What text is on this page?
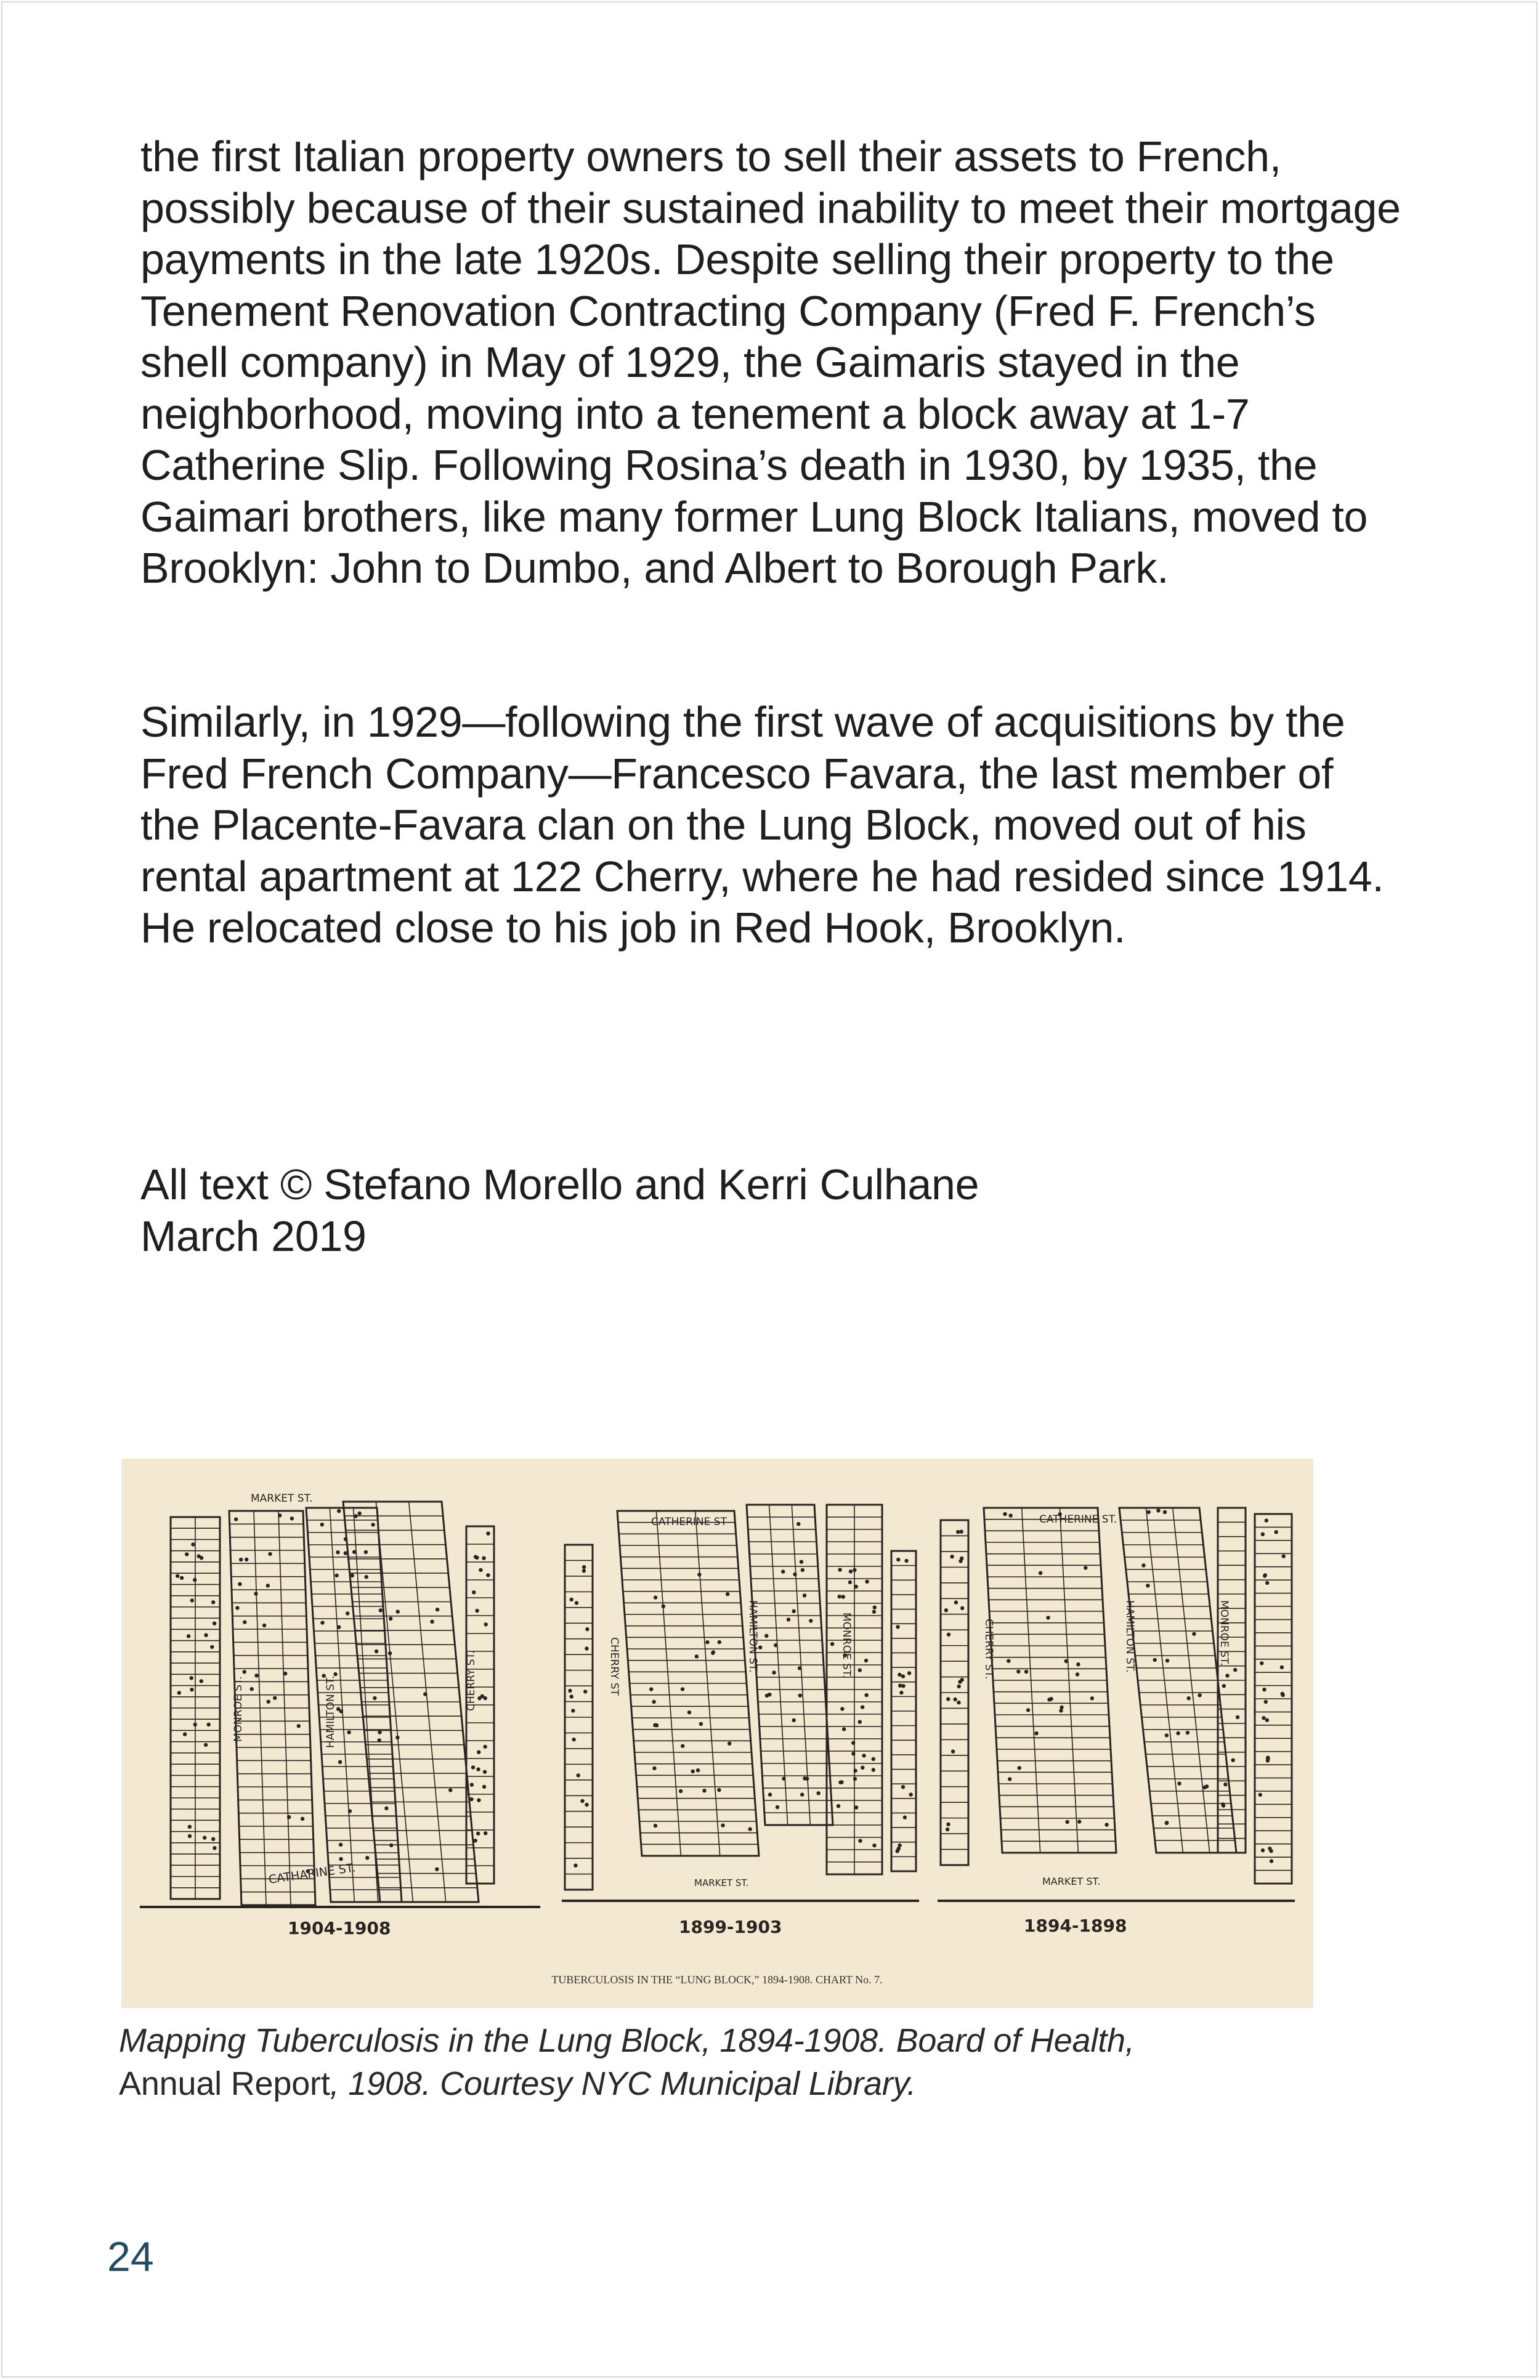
the first Italian property owners to sell their assets to French, possibly because of their sustained inability to meet their mortgage payments in the late 1920s. Despite selling their property to the Tenement Renovation Contracting Company (Fred F. French’s shell company) in May of 1929, the Gaimaris stayed in the neighborhood, moving into a tenement a block away at 1-7 Catherine Slip. Following Rosina’s death in 1930, by 1935, the Gaimari brothers, like many former Lung Block Italians, moved to Brooklyn: John to Dumbo, and Albert to Borough Park.

Similarly, in 1929—following the first wave of acquisitions by the Fred French Company—Francesco Favara, the last member of the Placente-Favara clan on the Lung Block, moved out of his rental apartment at 122 Cherry, where he had resided since 1914. He relocated close to his job in Red Hook, Brooklyn.

All text © Stefano Morello and Kerri Culhane
March 2019
MARKET ST.
CATHARINE ST.
MONROE ST.	HAMILTON ST.	CHERRY ST.
1904-1908
CATHERINE ST
CHERRY ST	HAMILTON ST.	MONROE ST.
MARKET ST.
1899-1903
CATHERINE ST.
CHERRY ST.	HAMILTON ST.	MONROE ST.
MARKET ST.
1894-1898
TUBERCULOSIS IN THE “LUNG BLOCK,” 1894-1908. CHART No. 7.
Mapping Tuberculosis in the Lung Block, 1894-1908. Board of Health,
Annual Report, 1908. Courtesy NYC Municipal Library.
24
